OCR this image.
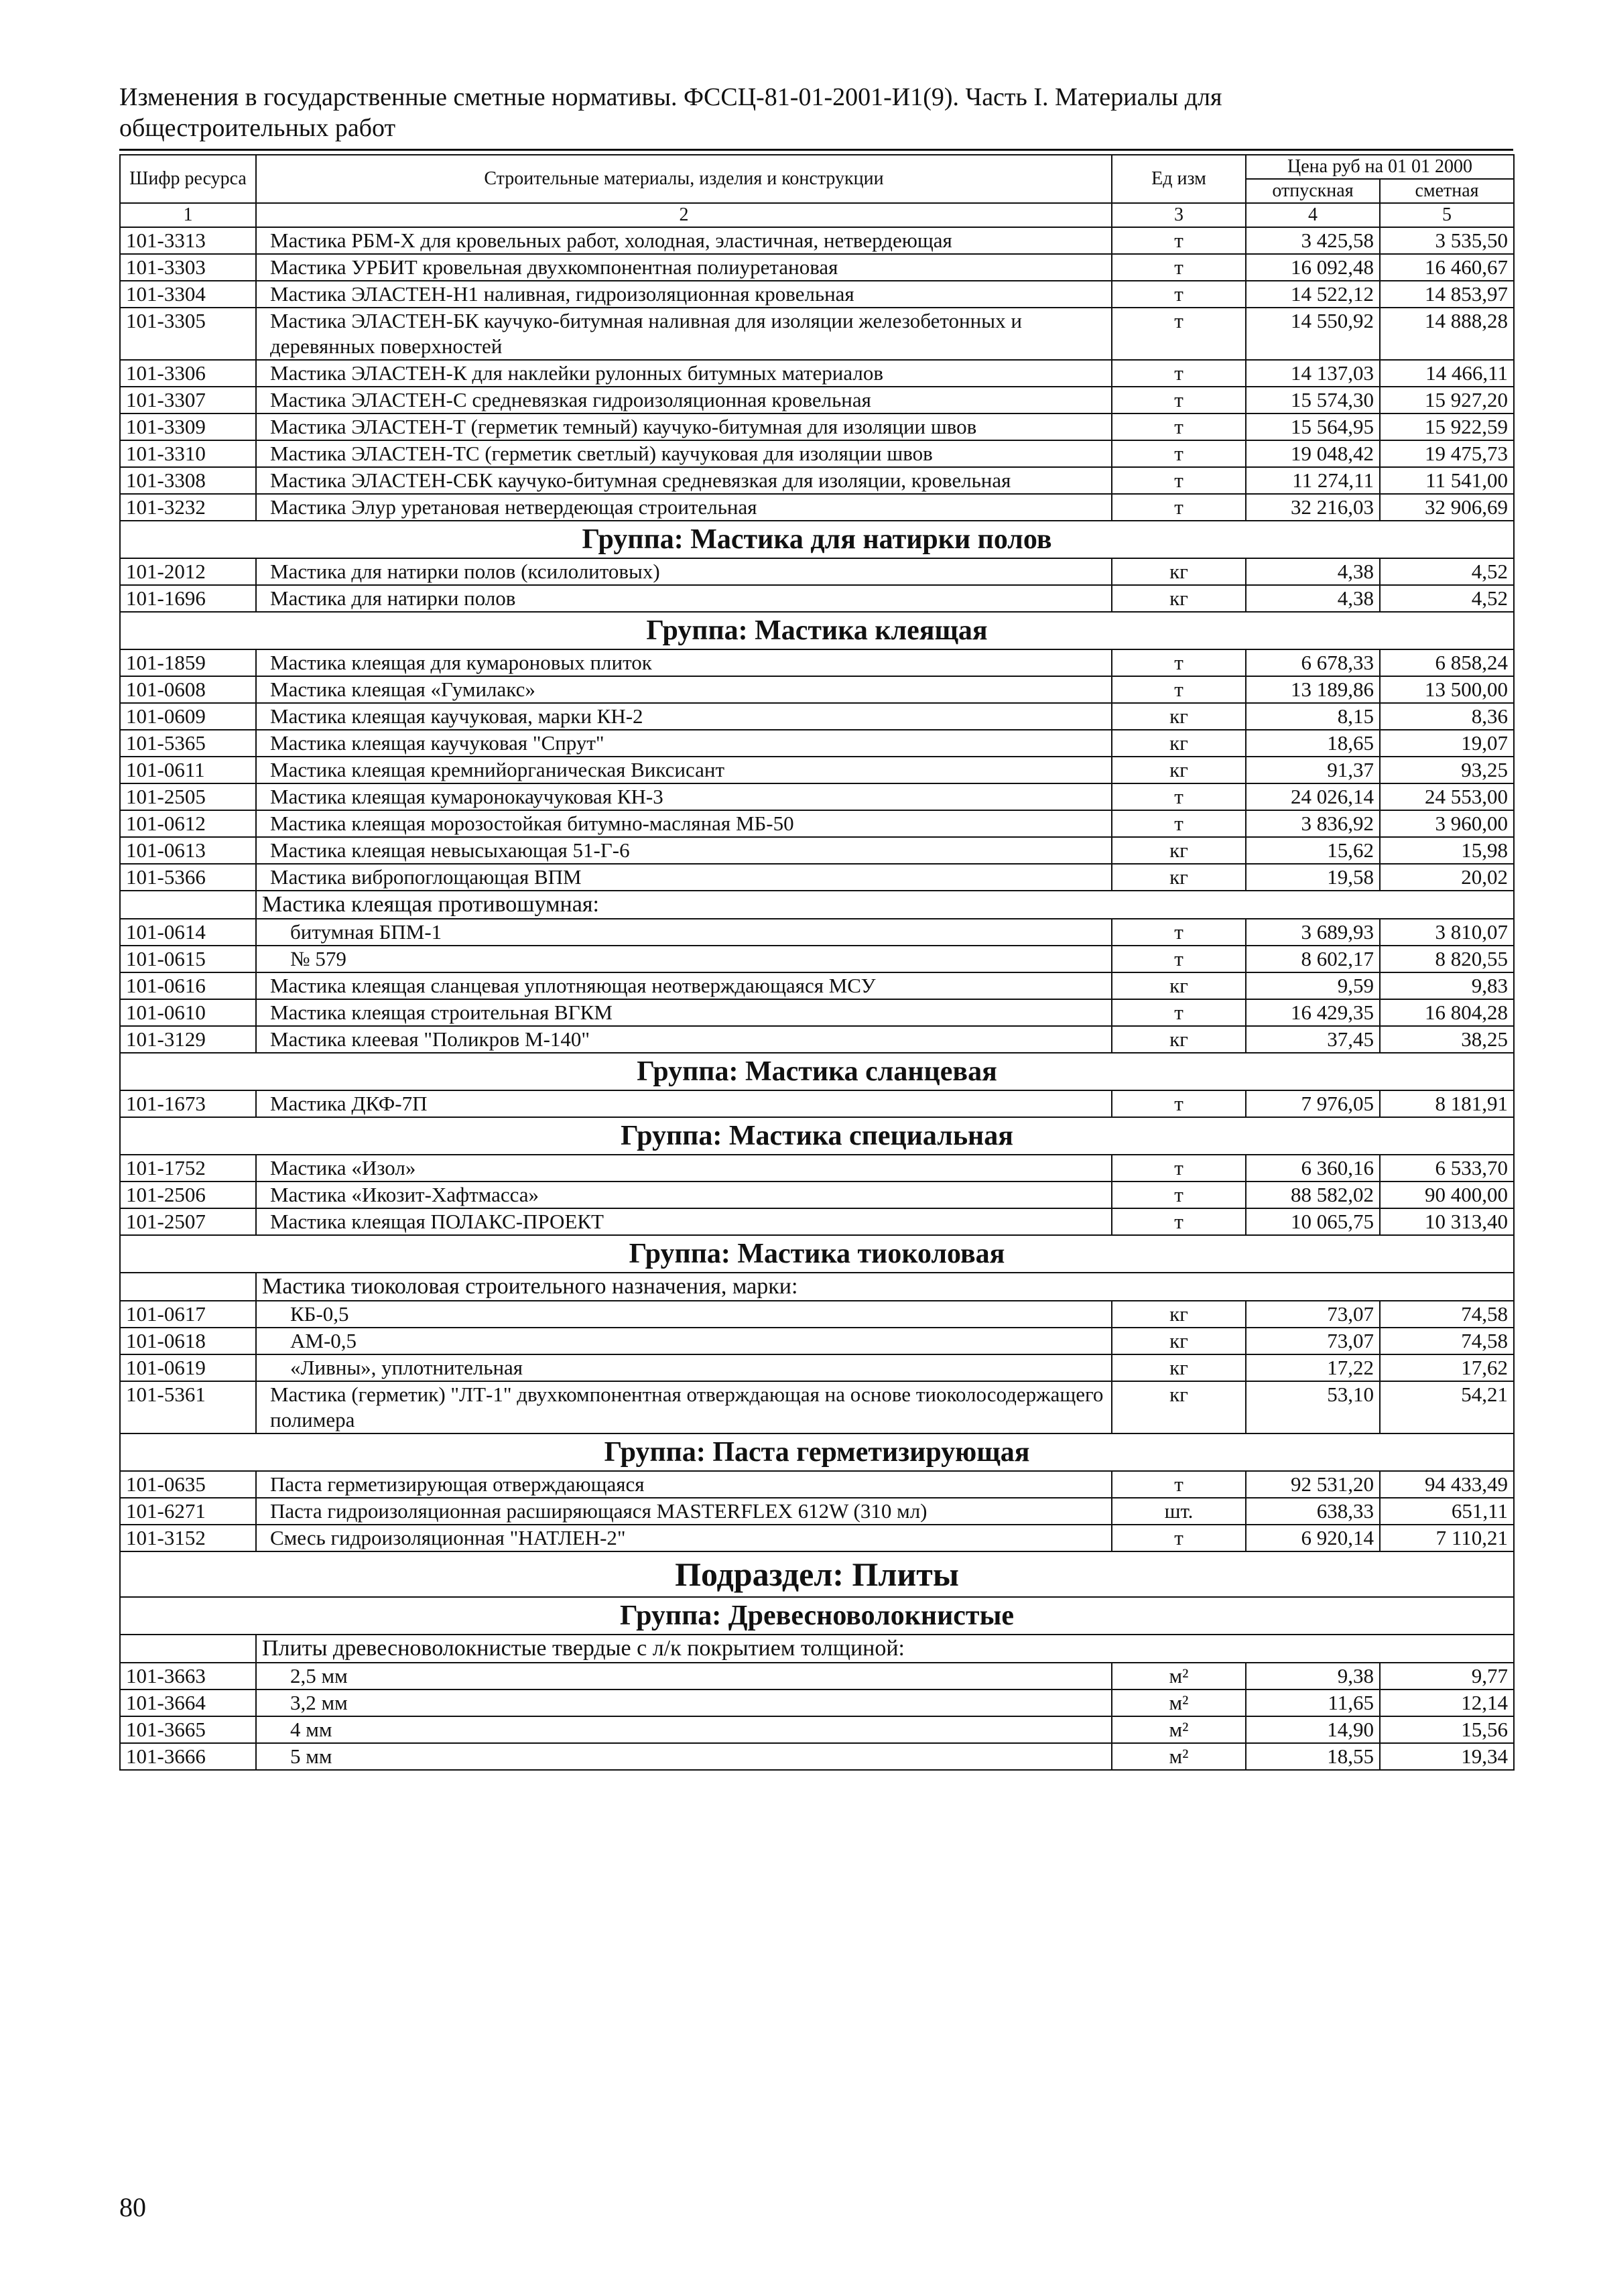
Изменения в государственные сметные нормативы. ФССЦ-81-01-2001-И1(9). Часть I. Материалы для
общестроительных работ
Шифр ресурса	Строительные материалы, изделия и конструкции	Ед изм	Цена руб на 01 01 2000	
			отпускная	сметная
1	2	3	4	5
101-3313	Мастика РБМ-Х для кровельных работ, холодная, эластичная, нетвердеющая	т	3 425,58	3 535,50
101-3303	Мастика УРБИТ кровельная двухкомпонентная полиуретановая	т	16 092,48	16 460,67
101-3304	Мастика ЭЛАСТЕН-Н1 наливная, гидроизоляционная кровельная	т	14 522,12	14 853,97
101-3305	Мастика ЭЛАСТЕН-БК каучуко-битумная наливная для изоляции железобетонных и деревянных поверхностей	т	14 550,92	14 888,28
101-3306	Мастика ЭЛАСТЕН-К для наклейки рулонных битумных материалов	т	14 137,03	14 466,11
101-3307	Мастика ЭЛАСТЕН-С средневязкая гидроизоляционная кровельная	т	15 574,30	15 927,20
101-3309	Мастика ЭЛАСТЕН-Т (герметик темный) каучуко-битумная для изоляции швов	т	15 564,95	15 922,59
101-3310	Мастика ЭЛАСТЕН-ТС (герметик светлый) каучуковая для изоляции швов	т	19 048,42	19 475,73
101-3308	Мастика ЭЛАСТЕН-СБК каучуко-битумная средневязкая для изоляции, кровельная	т	11 274,11	11 541,00
101-3232	Мастика Элур уретановая нетвердеющая строительная	т	32 216,03	32 906,69
Группа: Мастика для натирки полов				
101-2012	Мастика для натирки полов (ксилолитовых)	кг	4,38	4,52
101-1696	Мастика для натирки полов	кг	4,38	4,52
Группа: Мастика клеящая				
101-1859	Мастика клеящая для кумароновых плиток	т	6 678,33	6 858,24
101-0608	Мастика клеящая «Гумилакс»	т	13 189,86	13 500,00
101-0609	Мастика клеящая каучуковая, марки КН-2	кг	8,15	8,36
101-5365	Мастика клеящая каучуковая "Спрут"	кг	18,65	19,07
101-0611	Мастика клеящая кремнийорганическая Виксисант	кг	91,37	93,25
101-2505	Мастика клеящая кумаронокаучуковая КН-3	т	24 026,14	24 553,00
101-0612	Мастика клеящая морозостойкая битумно-масляная МБ-50	т	3 836,92	3 960,00
101-0613	Мастика клеящая невысыхающая 51-Г-6	кг	15,62	15,98
101-5366	Мастика вибропоглощающая ВПМ	кг	19,58	20,02
	Мастика клеящая противошумная:			
101-0614	битумная БПМ-1	т	3 689,93	3 810,07
101-0615	№ 579	т	8 602,17	8 820,55
101-0616	Мастика клеящая сланцевая уплотняющая неотверждающаяся МСУ	кг	9,59	9,83
101-0610	Мастика клеящая строительная ВГКМ	т	16 429,35	16 804,28
101-3129	Мастика клеевая "Поликров М-140"	кг	37,45	38,25
Группа: Мастика сланцевая				
101-1673	Мастика ДКФ-7П	т	7 976,05	8 181,91
Группа: Мастика специальная				
101-1752	Мастика «Изол»	т	6 360,16	6 533,70
101-2506	Мастика «Икозит-Хафтмасса»	т	88 582,02	90 400,00
101-2507	Мастика клеящая ПОЛАКС-ПРОЕКТ	т	10 065,75	10 313,40
Группа: Мастика тиоколовая				
	Мастика тиоколовая строительного назначения, марки:			
101-0617	КБ-0,5	кг	73,07	74,58
101-0618	АМ-0,5	кг	73,07	74,58
101-0619	«Ливны», уплотнительная	кг	17,22	17,62
101-5361	Мастика (герметик) "ЛТ-1" двухкомпонентная отверждающая на основе тиоколосодержащего полимера	кг	53,10	54,21
Группа: Паста герметизирующая				
101-0635	Паста герметизирующая отверждающаяся	т	92 531,20	94 433,49
101-6271	Паста гидроизоляционная расширяющаяся MASTERFLEX 612W (310 мл)	шт.	638,33	651,11
101-3152	Смесь гидроизоляционная "НАТЛЕН-2"	т	6 920,14	7 110,21
Подраздел: Плиты				
Группа: Древесноволокнистые				
	Плиты древесноволокнистые твердые с л/к покрытием толщиной:			
101-3663	2,5 мм	м²	9,38	9,77
101-3664	3,2 мм	м²	11,65	12,14
101-3665	4 мм	м²	14,90	15,56
101-3666	5 мм	м²	18,55	19,34
80
